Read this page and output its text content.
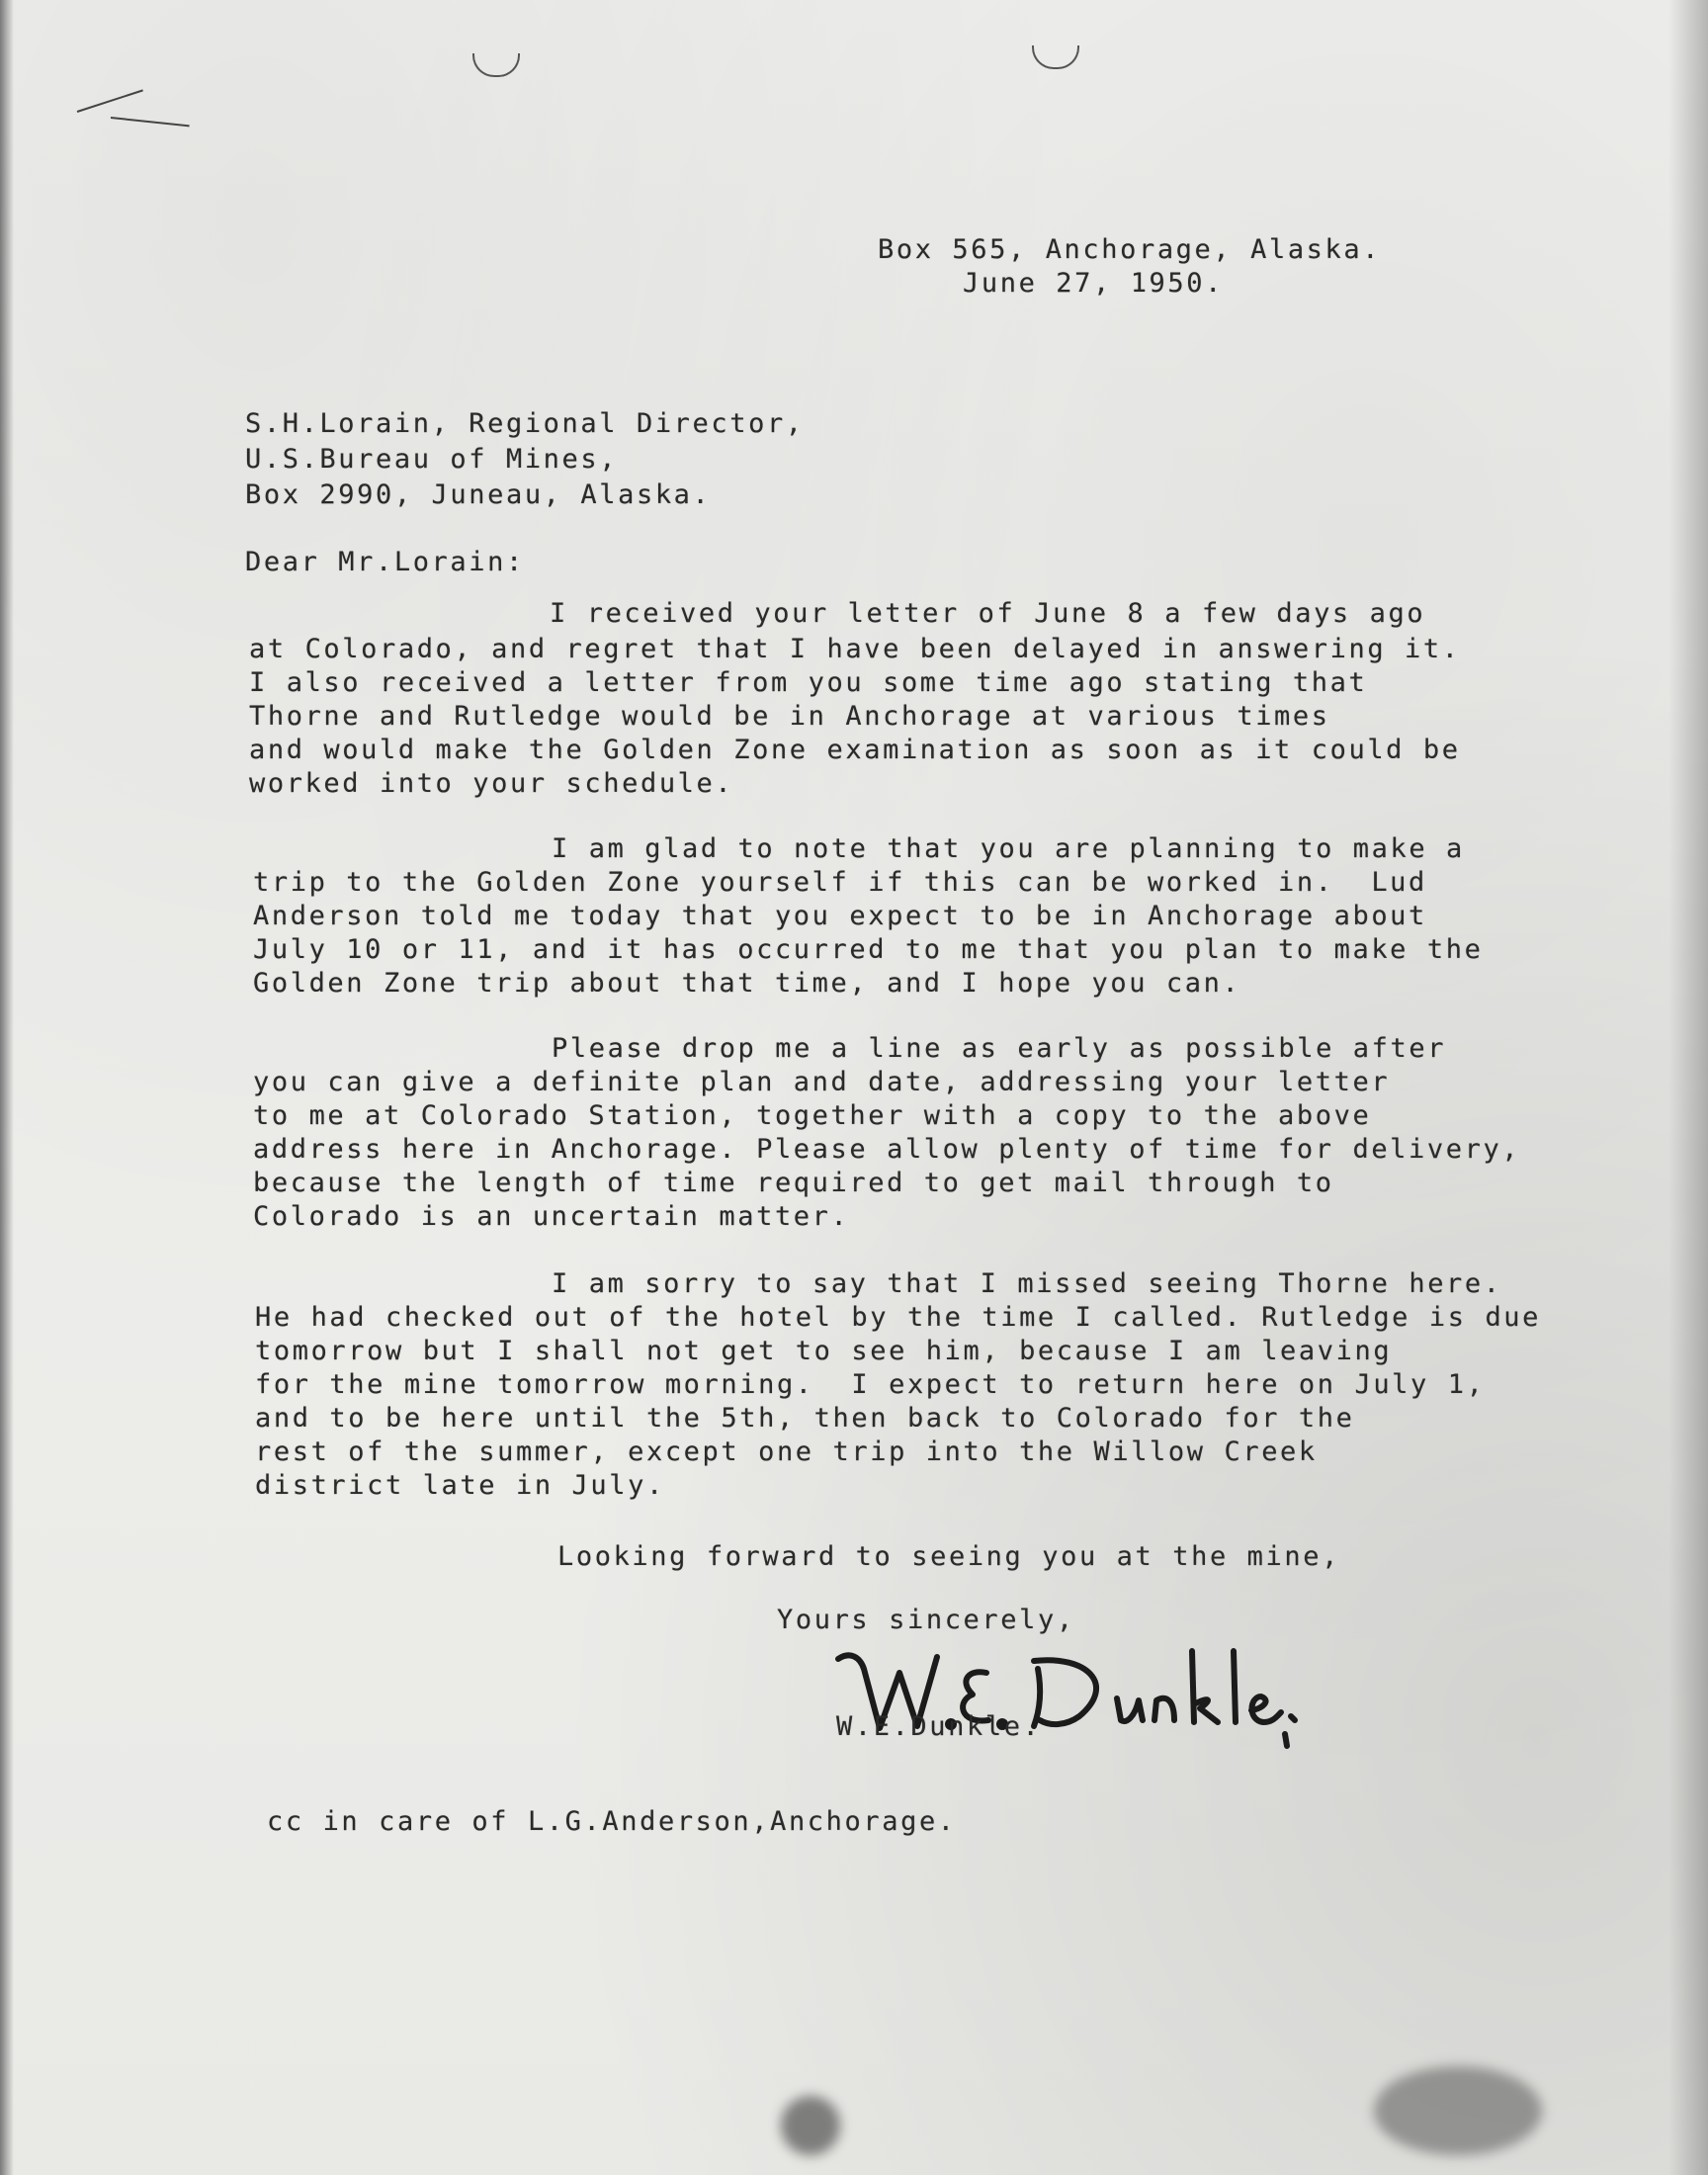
Box 565, Anchorage, Alaska.
June 27, 1950.
S.H.Lorain, Regional Director,
U.S.Bureau of Mines,
Box 2990, Juneau, Alaska.
Dear Mr.Lorain:
I received your letter of June 8 a few days ago
at Colorado, and regret that I have been delayed in answering it.
I also received a letter from you some time ago stating that
Thorne and Rutledge would be in Anchorage at various times
and would make the Golden Zone examination as soon as it could be
worked into your schedule.
I am glad to note that you are planning to make a
trip to the Golden Zone yourself if this can be worked in.  Lud
Anderson told me today that you expect to be in Anchorage about
July 10 or 11, and it has occurred to me that you plan to make the
Golden Zone trip about that time, and I hope you can.
Please drop me a line as early as possible after
you can give a definite plan and date, addressing your letter
to me at Colorado Station, together with a copy to the above
address here in Anchorage. Please allow plenty of time for delivery,
because the length of time required to get mail through to
Colorado is an uncertain matter.
I am sorry to say that I missed seeing Thorne here.
He had checked out of the hotel by the time I called. Rutledge is due
tomorrow but I shall not get to see him, because I am leaving
for the mine tomorrow morning.  I expect to return here on July 1,
and to be here until the 5th, then back to Colorado for the
rest of the summer, except one trip into the Willow Creek
district late in July.
Looking forward to seeing you at the mine,
Yours sincerely,
W.E.Dunkle.
cc in care of L.G.Anderson,Anchorage.
